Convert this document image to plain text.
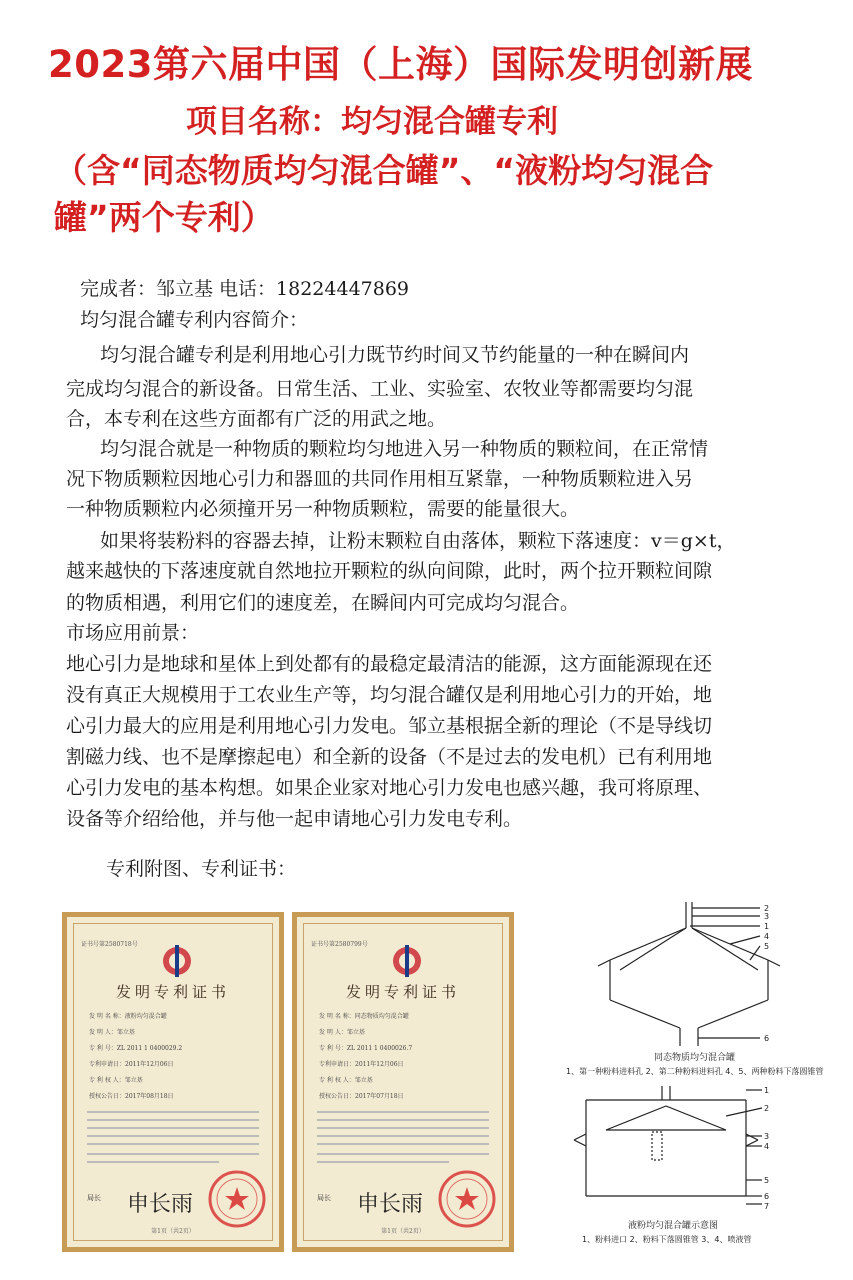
2023第六届中国（上海）国际发明创新展
项目名称：均匀混合罐专利
（含“同态物质均匀混合罐”、“液粉均匀混合
罐”两个专利）
完成者：邹立基 电话：18224447869
均匀混合罐专利内容简介：
均匀混合罐专利是利用地心引力既节约时间又节约能量的一种在瞬间内
完成均匀混合的新设备。日常生活、工业、实验室、农牧业等都需要均匀混
合，本专利在这些方面都有广泛的用武之地。
均匀混合就是一种物质的颗粒均匀地进入另一种物质的颗粒间，在正常情
况下物质颗粒因地心引力和器皿的共同作用相互紧靠，一种物质颗粒进入另
一种物质颗粒内必须撞开另一种物质颗粒，需要的能量很大。
如果将装粉料的容器去掉，让粉末颗粒自由落体，颗粒下落速度：v＝g×t，
越来越快的下落速度就自然地拉开颗粒的纵向间隙，此时，两个拉开颗粒间隙
的物质相遇，利用它们的速度差，在瞬间内可完成均匀混合。
市场应用前景：
地心引力是地球和星体上到处都有的最稳定最清洁的能源，这方面能源现在还
没有真正大规模用于工农业生产等，均匀混合罐仅是利用地心引力的开始，地
心引力最大的应用是利用地心引力发电。邹立基根据全新的理论（不是导线切
割磁力线、也不是摩擦起电）和全新的设备（不是过去的发电机）已有利用地
心引力发电的基本构想。如果企业家对地心引力发电也感兴趣，我可将原理、
设备等介绍给他，并与他一起申请地心引力发电专利。
专利附图、专利证书：
证书号第2580718号
发明专利证书
发 明 名 称：液粉均匀混合罐
发 明 人：邹立基
专 利 号：ZL 2011 1 0400029.2
专利申请日：2011年12月06日
专 利 权 人：邹立基
授权公告日：2017年08月18日
局长 申长雨
第1页（共2页）
证书号第2580799号
发明专利证书
发 明 名 称：同态物质均匀混合罐
发 明 人：邹立基
专 利 号：ZL 2011 1 0400026.7
专利申请日：2011年12月06日
专 利 权 人：邹立基
授权公告日：2017年07月18日
局长 申长雨
第1页（共2页）
2
3
1
4
5
6
同态物质均匀混合罐
1、第一种粉料进料孔 2、第二种粉料进料孔 4、5、两种粉料下落圆锥管
1
2
3
4
5
6
7
液粉均匀混合罐示意图
1、粉料进口 2、粉料下落圆锥管 3、4、喷液管
